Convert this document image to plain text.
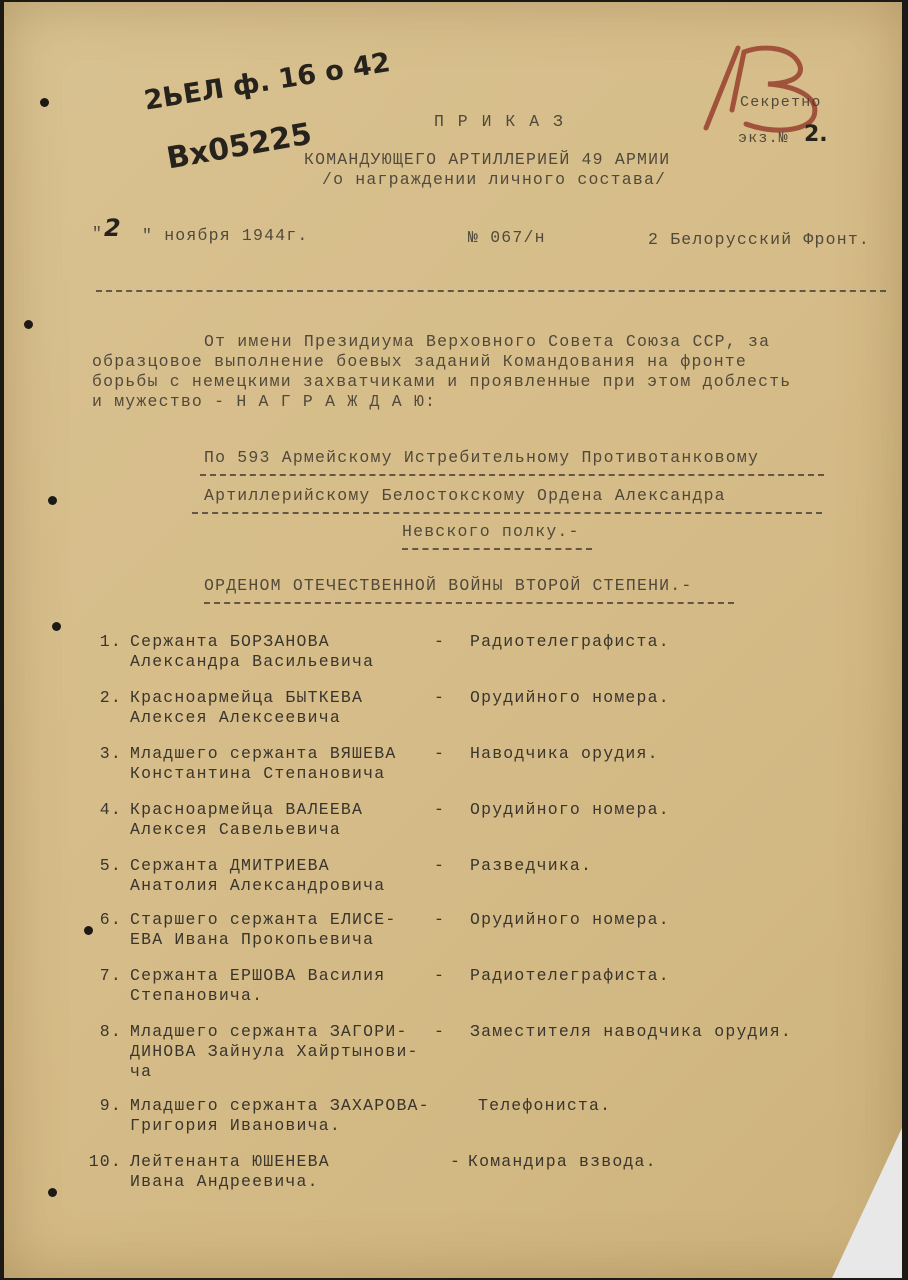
2ЬЕЛ ф. 16 о 42
Вх05225
Секретно
экз.№ 2.
П Р И К А З
КОМАНДУЮЩЕГО АРТИЛЛЕРИЕЙ 49 АРМИИ
/о награждении личного состава/
" 2 " ноября 1944г.	№ 067/н	2 Белорусский Фронт.
От имени Президиума Верховного Совета Союза ССР, за
образцовое выполнение боевых заданий Командования на фронте
борьбы с немецкими захватчиками и проявленные при этом доблесть
и мужество - Н А Г Р А Ж Д А Ю:
По 593 Армейскому Истребительному Противотанковому
Артиллерийскому Белостокскому Ордена Александра
Невского полку.-
ОРДЕНОМ ОТЕЧЕСТВЕННОЙ ВОЙНЫ ВТОРОЙ СТЕПЕНИ.-
1. Сержанта БОРЗАНОВА
Александра Васильевича
- Радиотелеграфиста.
2. Красноармейца БЫТКЕВА
Алексея Алексеевича
- Орудийного номера.
3. Младшего сержанта ВЯШЕВА
Константина Степановича
- Наводчика орудия.
4. Красноармейца ВАЛЕЕВА
Алексея Савельевича
- Орудийного номера.
5. Сержанта ДМИТРИЕВА
Анатолия Александровича
- Разведчика.
6. Старшего сержанта ЕЛИСЕ-
ЕВА Ивана Прокопьевича
- Орудийного номера.
7. Сержанта ЕРШОВА Василия
Степановича.
- Радиотелеграфиста.
8. Младшего сержанта ЗАГОРИ-
ДИНОВА Зайнула Хайртынови-
ча
- Заместителя наводчика орудия.
9. Младшего сержанта ЗАХАРОВА-
Григория Ивановича.
Телефониста.
10. Лейтенанта ЮШЕНЕВА
Ивана Андреевича.
- Командира взвода.
